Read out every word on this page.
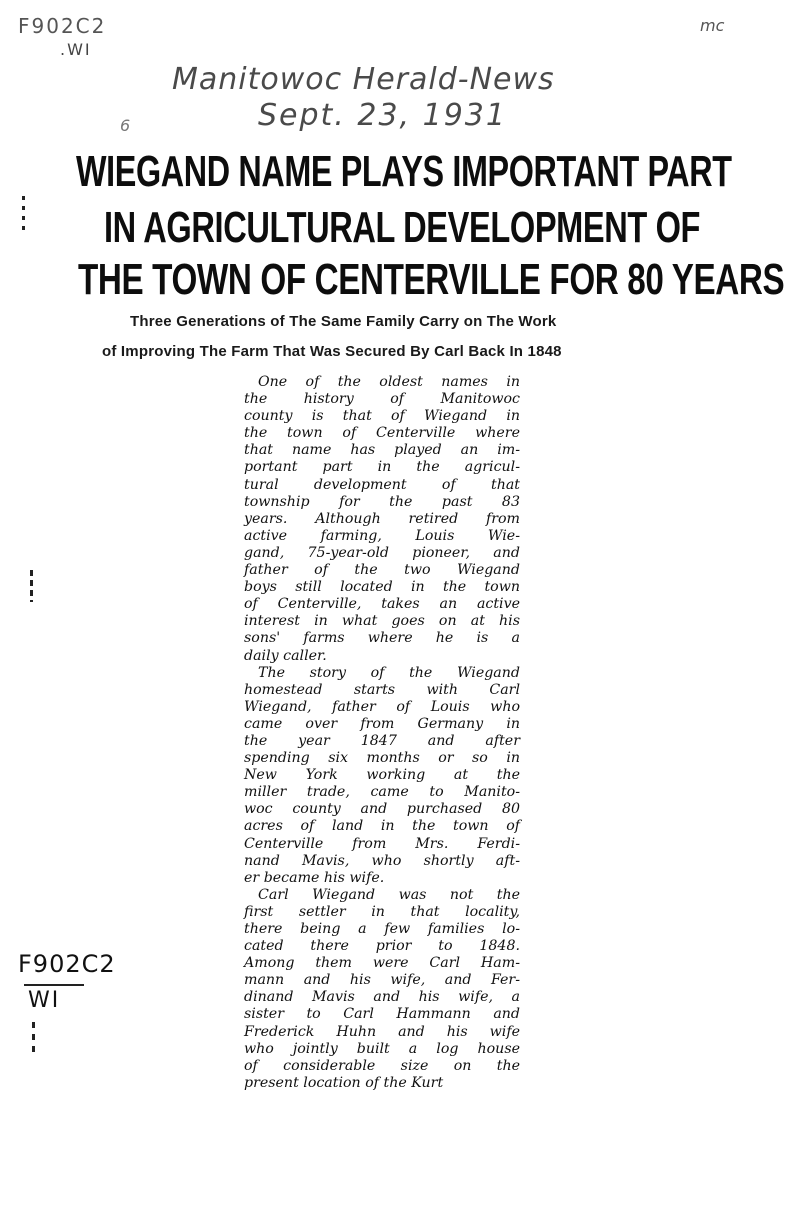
F902C2
.WI
mc
Manitowoc Herald-News
Sept. 23, 1931
6
F902C2
WI
WIEGAND NAME PLAYS IMPORTANT PART
IN AGRICULTURAL DEVELOPMENT OF
THE TOWN OF CENTERVILLE FOR 80 YEARS
Three Generations of The Same Family Carry on The Work
of Improving The Farm That Was Secured By Carl Back In 1848

One of the oldest names in
the history of Manitowoc
county is that of Wiegand in
the town of Centerville where
that name has played an im-
portant part in the agricul-
tural development of that
township for the past 83
years. Although retired from
active farming, Louis Wie-
gand, 75-year-old pioneer, and
father of the two Wiegand
boys still located in the town
of Centerville, takes an active
interest in what goes on at his
sons' farms where he is a
daily caller.

The story of the Wiegand
homestead starts with Carl
Wiegand, father of Louis who
came over from Germany in
the year 1847 and after
spending six months or so in
New York working at the
miller trade, came to Manito-
woc county and purchased 80
acres of land in the town of
Centerville from Mrs. Ferdi-
nand Mavis, who shortly aft-
er became his wife.

Carl Wiegand was not the
first settler in that locality,
there being a few families lo-
cated there prior to 1848.
Among them were Carl Ham-
mann and his wife, and Fer-
dinand Mavis and his wife, a
sister to Carl Hammann and
Frederick Huhn and his wife
who jointly built a log house
of considerable size on the
present location of the Kurt
